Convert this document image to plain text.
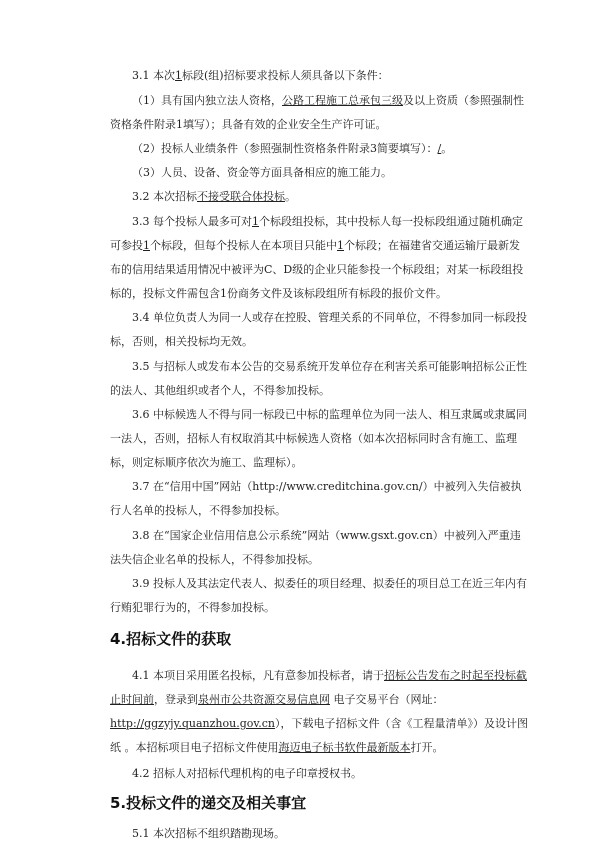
3.1 本次1标段(组)招标要求投标人须具备以下条件：

（1）具有国内独立法人资格，公路工程施工总承包三级及以上资质（参照强制性资格条件附录1填写）；具备有效的企业安全生产许可证。

（2）投标人业绩条件（参照强制性资格条件附录3简要填写）：/。

（3）人员、设备、资金等方面具备相应的施工能力。

3.2 本次招标不接受联合体投标。

3.3 每个投标人最多可对1个标段组投标，其中投标人每一投标段组通过随机确定可参投1个标段，但每个投标人在本项目只能中1个标段；在福建省交通运输厅最新发布的信用结果适用情况中被评为C、D级的企业只能参投一个标段组；对某一标段组投标的，投标文件需包含1份商务文件及该标段组所有标段的报价文件。

3.4 单位负责人为同一人或存在控股、管理关系的不同单位，不得参加同一标段投标，否则，相关投标均无效。

3.5 与招标人或发布本公告的交易系统开发单位存在利害关系可能影响招标公正性的法人、其他组织或者个人，不得参加投标。

3.6 中标候选人不得与同一标段已中标的监理单位为同一法人、相互隶属或隶属同一法人，否则，招标人有权取消其中标候选人资格（如本次招标同时含有施工、监理标，则定标顺序依次为施工、监理标）。

3.7 在“信用中国”网站（http://www.creditchina.gov.cn/）中被列入失信被执行人名单的投标人，不得参加投标。

3.8 在“国家企业信用信息公示系统”网站（www.gsxt.gov.cn）中被列入严重违法失信企业名单的投标人，不得参加投标。

3.9 投标人及其法定代表人、拟委任的项目经理、拟委任的项目总工在近三年内有行贿犯罪行为的，不得参加投标。

4.招标文件的获取

4.1 本项目采用匿名投标，凡有意参加投标者，请于招标公告发布之时起至投标截止时间前，登录到泉州市公共资源交易信息网 电子交易平台（网址：http://ggzyjy.quanzhou.gov.cn），下载电子招标文件（含《工程量清单》）及设计图纸 。本招标项目电子招标文件使用海迈电子标书软件最新版本打开。

4.2 招标人对招标代理机构的电子印章授权书。

5.投标文件的递交及相关事宜

5.1 本次招标不组织踏勘现场。
